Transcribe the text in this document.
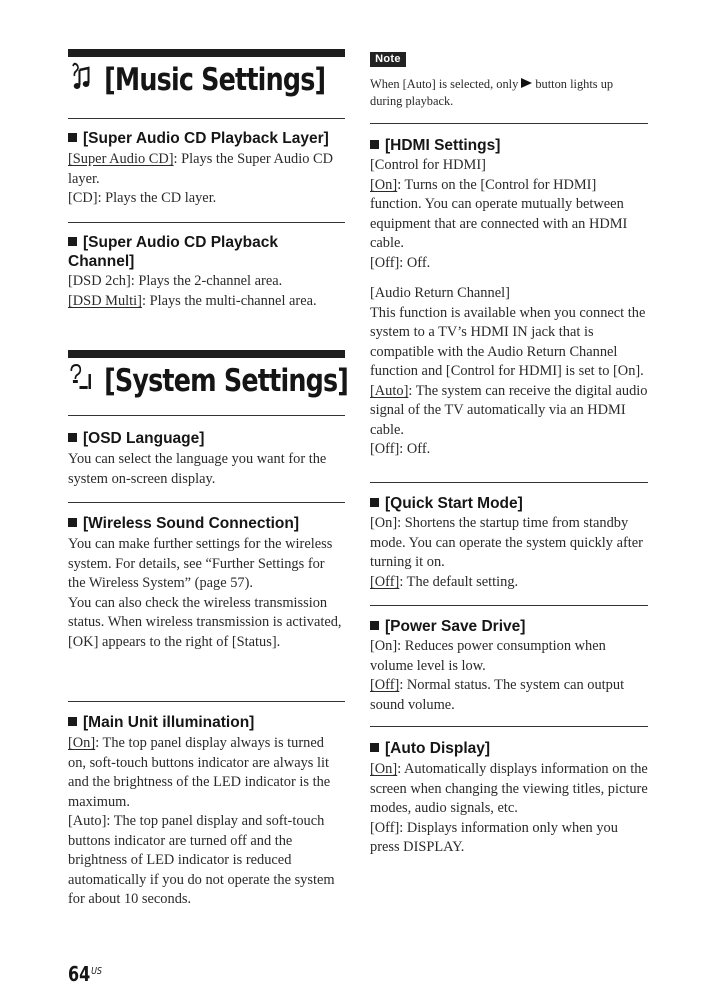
[Music Settings]
[Super Audio CD Playback Layer]

[Super Audio CD]: Plays the Super Audio CD layer.

[CD]: Plays the CD layer.

[Super Audio CD Playback Channel]

[DSD 2ch]: Plays the 2-channel area.

[DSD Multi]: Plays the multi-channel area.

[System Settings]
[OSD Language]

You can select the language you want for the system on-screen display.

[Wireless Sound Connection]

You can make further settings for the wireless system. For details, see “Further Settings for the Wireless System” (page 57).

You can also check the wireless transmission status. When wireless transmission is activated, [OK] appears to the right of [Status].

[Main Unit illumination]

[On]: The top panel display always is turned on, soft-touch buttons indicator are always lit and the brightness of the LED indicator is the maximum.

[Auto]: The top panel display and soft-touch buttons indicator are turned off and the brightness of LED indicator is reduced automatically if you do not operate the system for about 10 seconds.

Note
When [Auto] is selected, only button lights up during playback.
[HDMI Settings]

[Control for HDMI]

[On]: Turns on the [Control for HDMI] function. You can operate mutually between equipment that are connected with an HDMI cable.

[Off]: Off.

[Audio Return Channel]

This function is available when you connect the system to a TV’s HDMI IN jack that is compatible with the Audio Return Channel function and [Control for HDMI] is set to [On].

[Auto]: The system can receive the digital audio signal of the TV automatically via an HDMI cable.

[Off]: Off.

[Quick Start Mode]

[On]: Shortens the startup time from standby mode. You can operate the system quickly after turning it on.

[Off]: The default setting.

[Power Save Drive]

[On]: Reduces power consumption when volume level is low.

[Off]: Normal status. The system can output sound volume.

[Auto Display]

[On]: Automatically displays information on the screen when changing the viewing titles, picture modes, audio signals, etc.

[Off]: Displays information only when you press DISPLAY.

$64^{US}$
